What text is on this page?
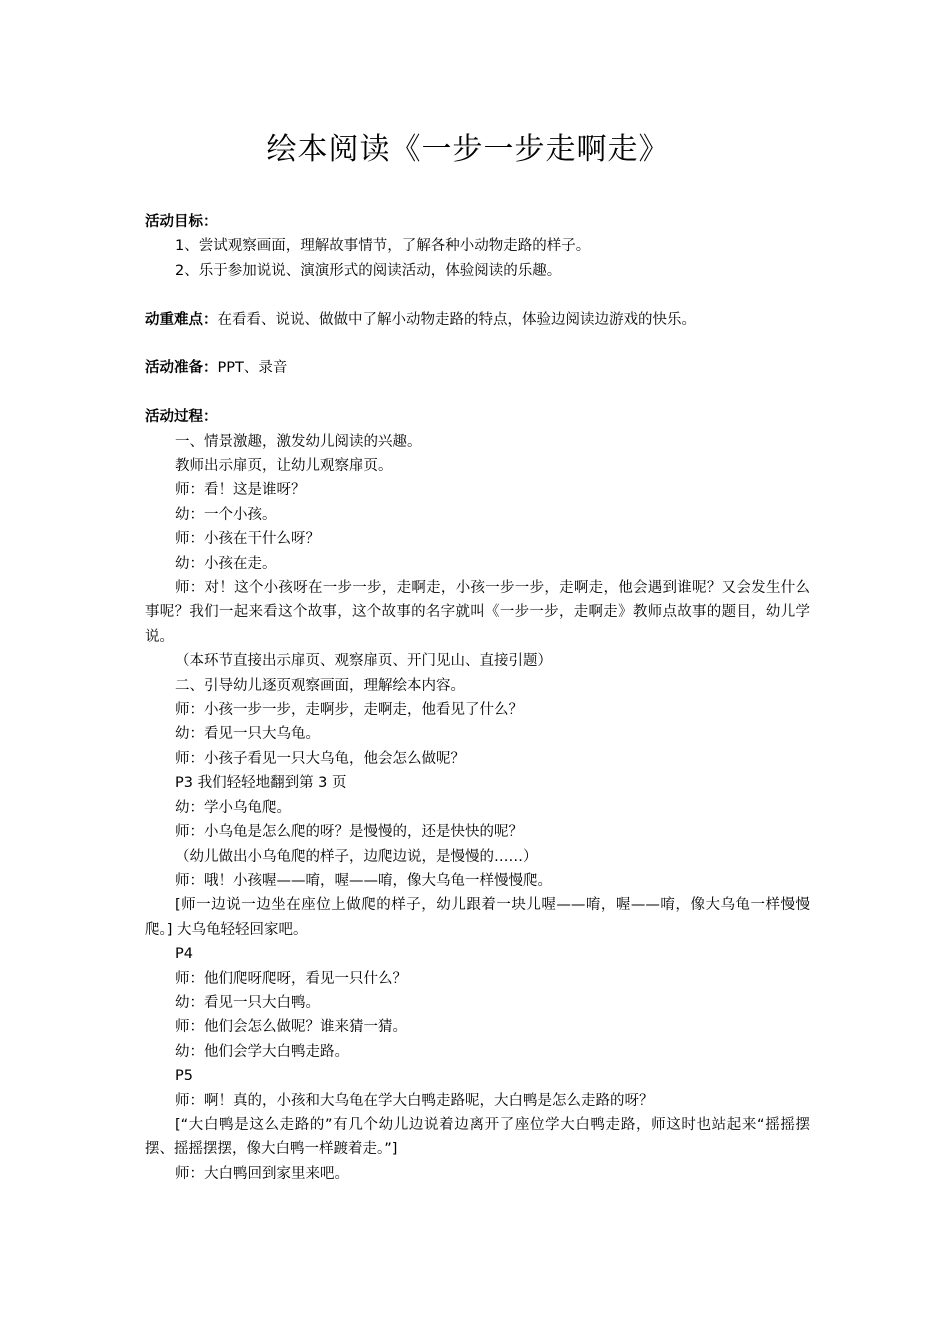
绘本阅读《一步一步走啊走》
活动目标：
1、尝试观察画面，理解故事情节，了解各种小动物走路的样子。
2、乐于参加说说、演演形式的阅读活动，体验阅读的乐趣。
动重难点：在看看、说说、做做中了解小动物走路的特点，体验边阅读边游戏的快乐。
活动准备：PPT、录音
活动过程：
一、情景激趣，激发幼儿阅读的兴趣。
教师出示扉页，让幼儿观察扉页。
师：看！这是谁呀？
幼：一个小孩。
师：小孩在干什么呀？
幼：小孩在走。
师：对！这个小孩呀在一步一步，走啊走，小孩一步一步，走啊走，他会遇到谁呢？又会发生什么事呢？我们一起来看这个故事，这个故事的名字就叫《一步一步，走啊走》教师点故事的题目，幼儿学说。
（本环节直接出示扉页、观察扉页、开门见山、直接引题）
二、引导幼儿逐页观察画面，理解绘本内容。
师：小孩一步一步，走啊步，走啊走，他看见了什么？
幼：看见一只大乌龟。
师：小孩子看见一只大乌龟，他会怎么做呢？
P3 我们轻轻地翻到第 3 页
幼：学小乌龟爬。
师：小乌龟是怎么爬的呀？是慢慢的，还是快快的呢？
（幼儿做出小乌龟爬的样子，边爬边说，是慢慢的……）
师：哦！小孩喔——唷，喔——唷，像大乌龟一样慢慢爬。
[师一边说一边坐在座位上做爬的样子，幼儿跟着一块儿喔——唷，喔——唷，像大乌龟一样慢慢爬。] 大乌龟轻轻回家吧。
P4
师：他们爬呀爬呀，看见一只什么？
幼：看见一只大白鸭。
师：他们会怎么做呢？谁来猜一猜。
幼：他们会学大白鸭走路。
P5
师：啊！真的，小孩和大乌龟在学大白鸭走路呢，大白鸭是怎么走路的呀？
[“大白鸭是这么走路的”有几个幼儿边说着边离开了座位学大白鸭走路，师这时也站起来“摇摇摆摆、摇摇摆摆，像大白鸭一样踱着走。”]
师：大白鸭回到家里来吧。
